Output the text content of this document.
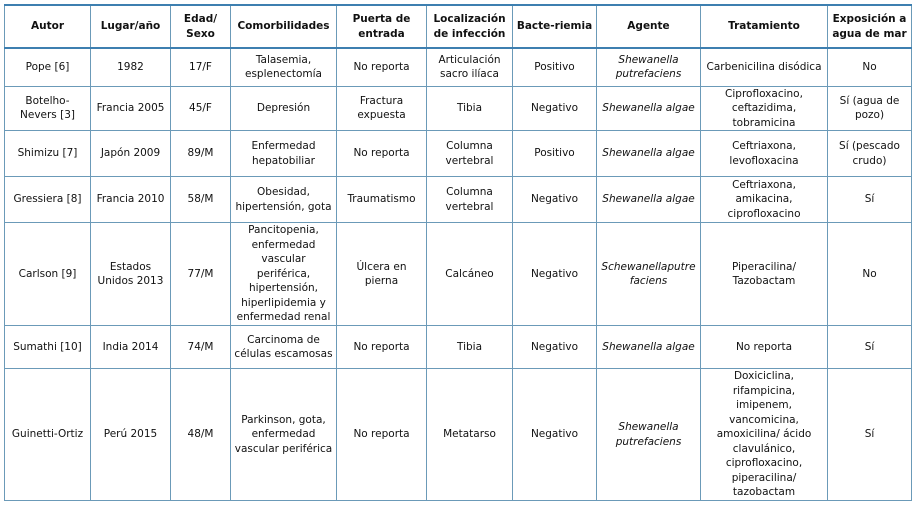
Autor	Lugar/año	Edad/ Sexo	Comorbilidades	Puerta de entrada	Localización de infección	Bacte-riemia	Agente	Tratamiento	Exposición a agua de mar
Pope [6]	1982	17/F	Talasemia, esplenectomía	No reporta	Articulación sacro ilíaca	Positivo	Shewanella putrefaciens	Carbenicilina disódica	No
Botelho-Nevers [3]	Francia 2005	45/F	Depresión	Fractura expuesta	Tibia	Negativo	Shewanella algae	Ciprofloxacino, ceftazidima, tobramicina	Sí (agua de pozo)
Shimizu [7]	Japón 2009	89/M	Enfermedad hepatobiliar	No reporta	Columna vertebral	Positivo	Shewanella algae	Ceftriaxona, levofloxacina	Sí (pescado crudo)
Gressiera [8]	Francia 2010	58/M	Obesidad, hipertensión, gota	Traumatismo	Columna vertebral	Negativo	Shewanella algae	Ceftriaxona, amikacina, ciprofloxacino	Sí
Carlson [9]	Estados Unidos 2013	77/M	Pancitopenia, enfermedad vascular periférica, hipertensión, hiperlipidemia y enfermedad renal	Úlcera en pierna	Calcáneo	Negativo	Schewanellaputre faciens	Piperacilina/ Tazobactam	No
Sumathi [10]	India 2014	74/M	Carcinoma de células escamosas	No reporta	Tibia	Negativo	Shewanella algae	No reporta	Sí
Guinetti-Ortiz	Perú 2015	48/M	Parkinson, gota, enfermedad vascular periférica	No reporta	Metatarso	Negativo	Shewanella putrefaciens	Doxiciclina, rifampicina, imipenem, vancomicina, amoxicilina/ ácido clavulánico, ciprofloxacino, piperacilina/ tazobactam	Sí
